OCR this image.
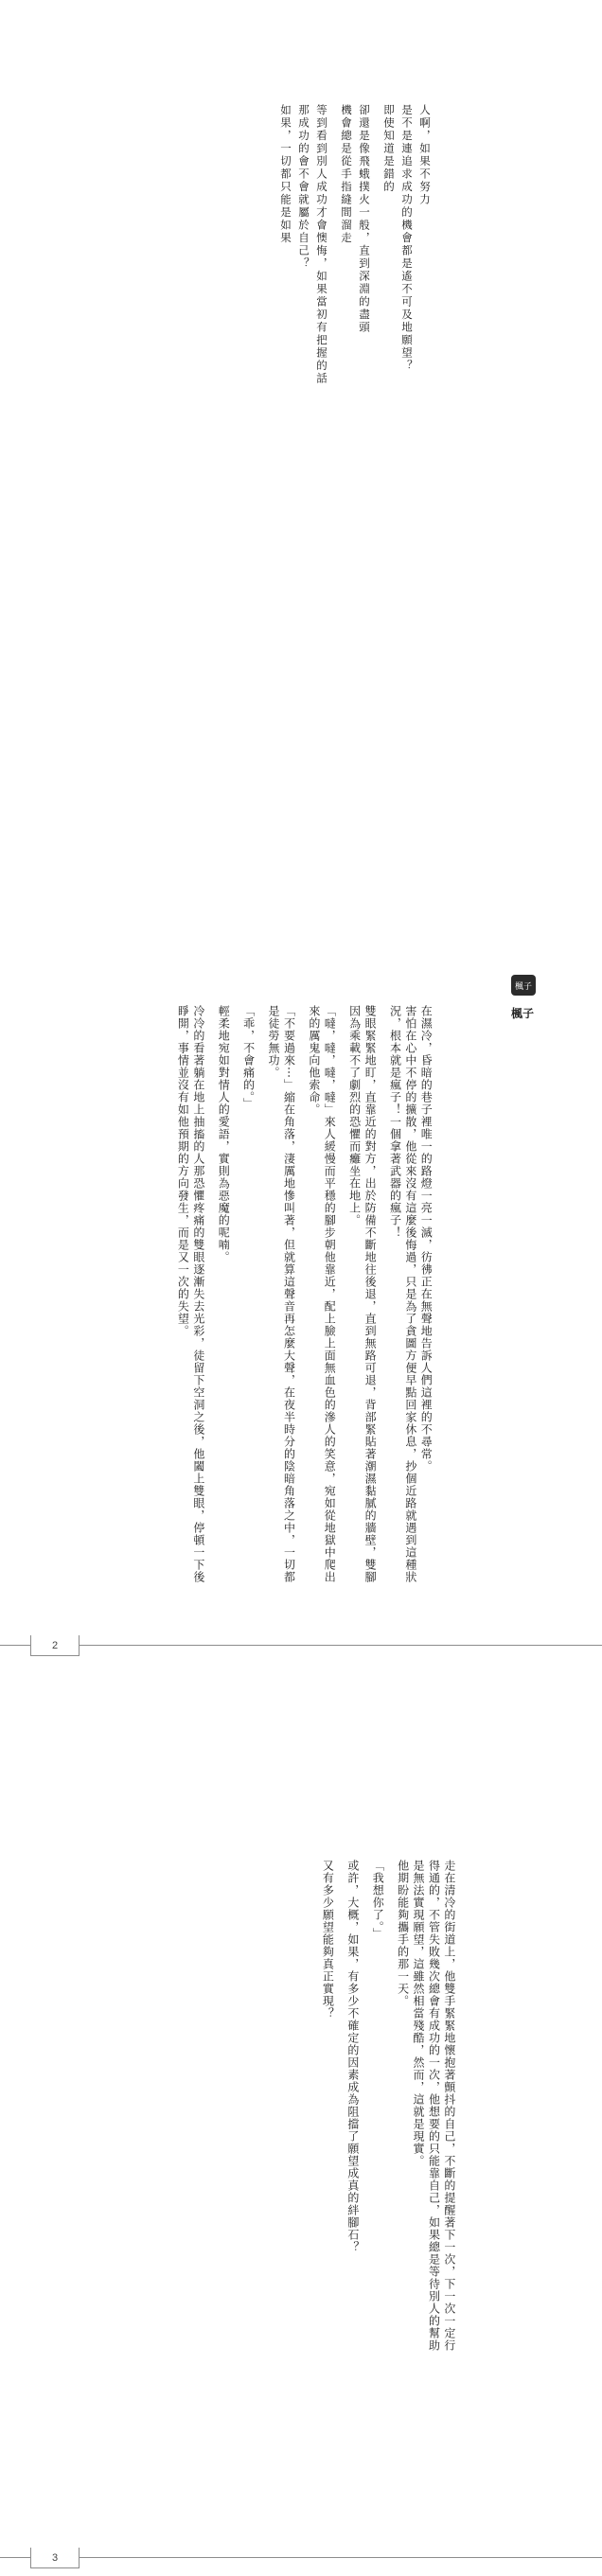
人啊，如果不努力

是不是連追求成功的機會都是遙不可及地願望？

即使知道是錯的

卻還是像飛蛾撲火一般，直到深淵的盡頭

機會總是從手指縫間溜走

等到看到別人成功才會懊悔，如果當初有把握的話

那成功的會不會就屬於自己？

如果，一切都只能是如果

楓子
楓子

在濕冷，昏暗的巷子裡唯一的路燈一亮一滅，彷彿正在無聲地告訴人們這裡的不尋常。

害怕在心中不停的擴散，他從來沒有這麼後悔過，只是為了貪圖方便早點回家休息，抄個近路就遇到這種狀況，根本就是瘋子！一個拿著武器的瘋子！

雙眼緊緊地盯，直靠近的對方，出於防備不斷地往後退，直到無路可退，背部緊貼著潮濕黏膩的牆壁，雙腳因為乘載不了劇烈的恐懼而癱坐在地上。

「噠，噠，噠，噠」來人緩慢而平穩的腳步朝他靠近，配上臉上面無血色的滲人的笑意，宛如從地獄中爬出來的厲鬼向他索命。

「不要過來⋯」縮在角落，淒厲地慘叫著，但就算這聲音再怎麼大聲，在夜半時分的陰暗角落之中，一切都是徒勞無功。

「乖，不會痛的。」

輕柔地宛如對情人的愛語，實則為惡魔的呢喃。

冷冷的看著躺在地上抽搐的人那恐懼疼痛的雙眼逐漸失去光彩，徒留下空洞之後，他闔上雙眼，停頓一下後睜開，事情並沒有如他預期的方向發生，而是又一次的失望。

2

走在清冷的街道上，他雙手緊緊地懷抱著顫抖的自己，不斷的提醒著下一次，下一次一定行得通的，不管失敗幾次總會有成功的一次，他想要的只能靠自己，如果總是等待別人的幫助是無法實現願望，這雖然相當殘酷，然而，這就是現實。

他期盼能夠攜手的那一天。

「我想你了。」

或許，大概，如果，有多少不確定的因素成為阻擋了願望成真的絆腳石？

又有多少願望能夠真正實現？

3
